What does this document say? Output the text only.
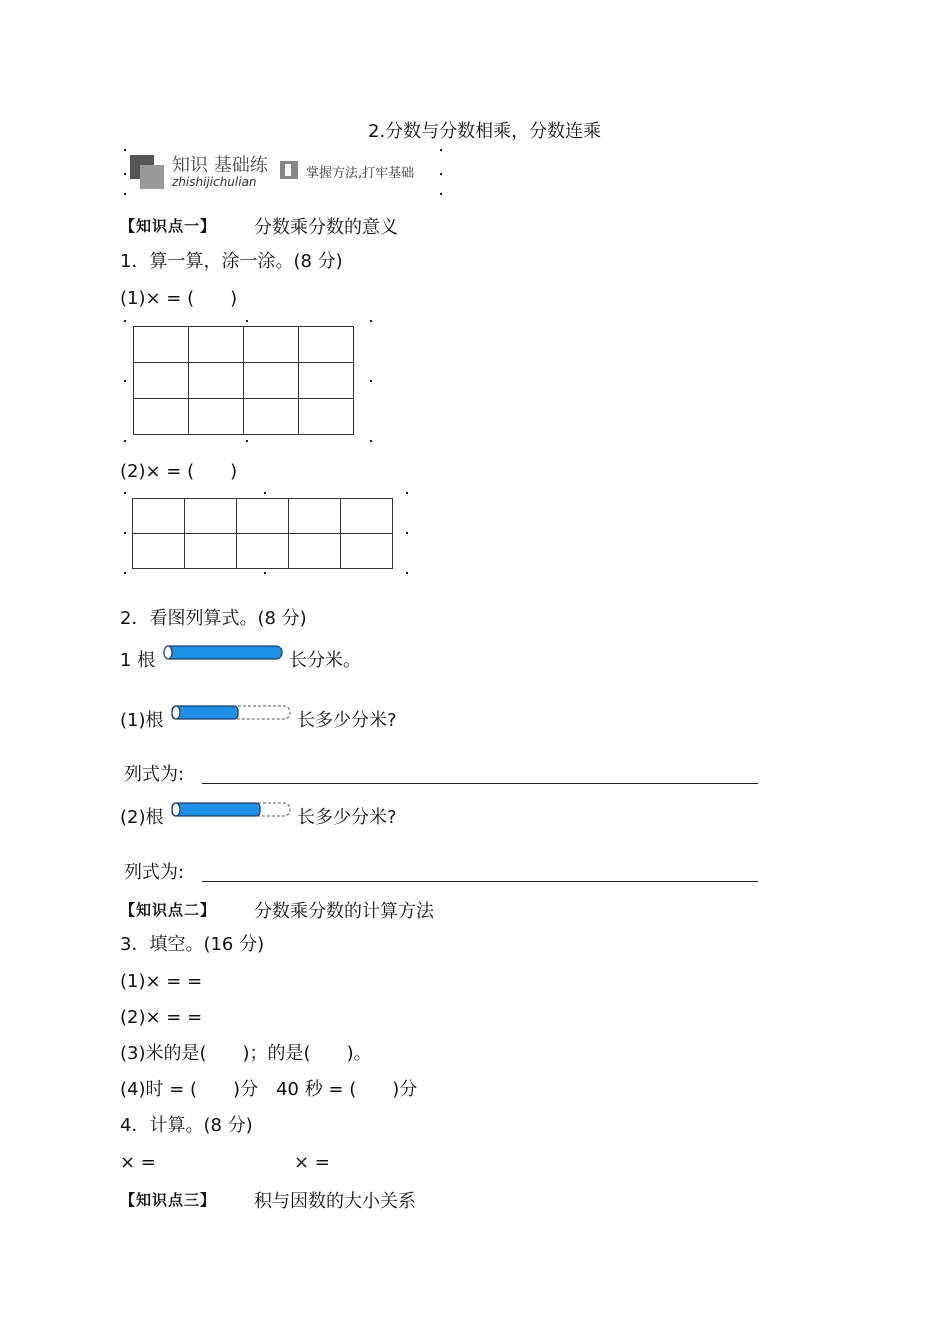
2.分数与分数相乘，分数连乘
知识 基础练
zhishijichulian
掌握方法,打牢基础
【知识点一】 分数乘分数的意义
1．算一算，涂一涂。(8 分)
(1)× = (　　)

(2)× = (　　)

2．看图列算式。(8 分)
1 根	长分米。
(1)根	长多少分米?
列式为:
(2)根	长多少分米?
列式为:
【知识点二】 分数乘分数的计算方法
3．填空。(16 分)
(1)× = =
(2)× = =
(3)米的是(　　)；的是(　　)。
(4)时 = (　　)分　40 秒 = (　　)分
4．计算。(8 分)
× =	× =
【知识点三】 积与因数的大小关系
